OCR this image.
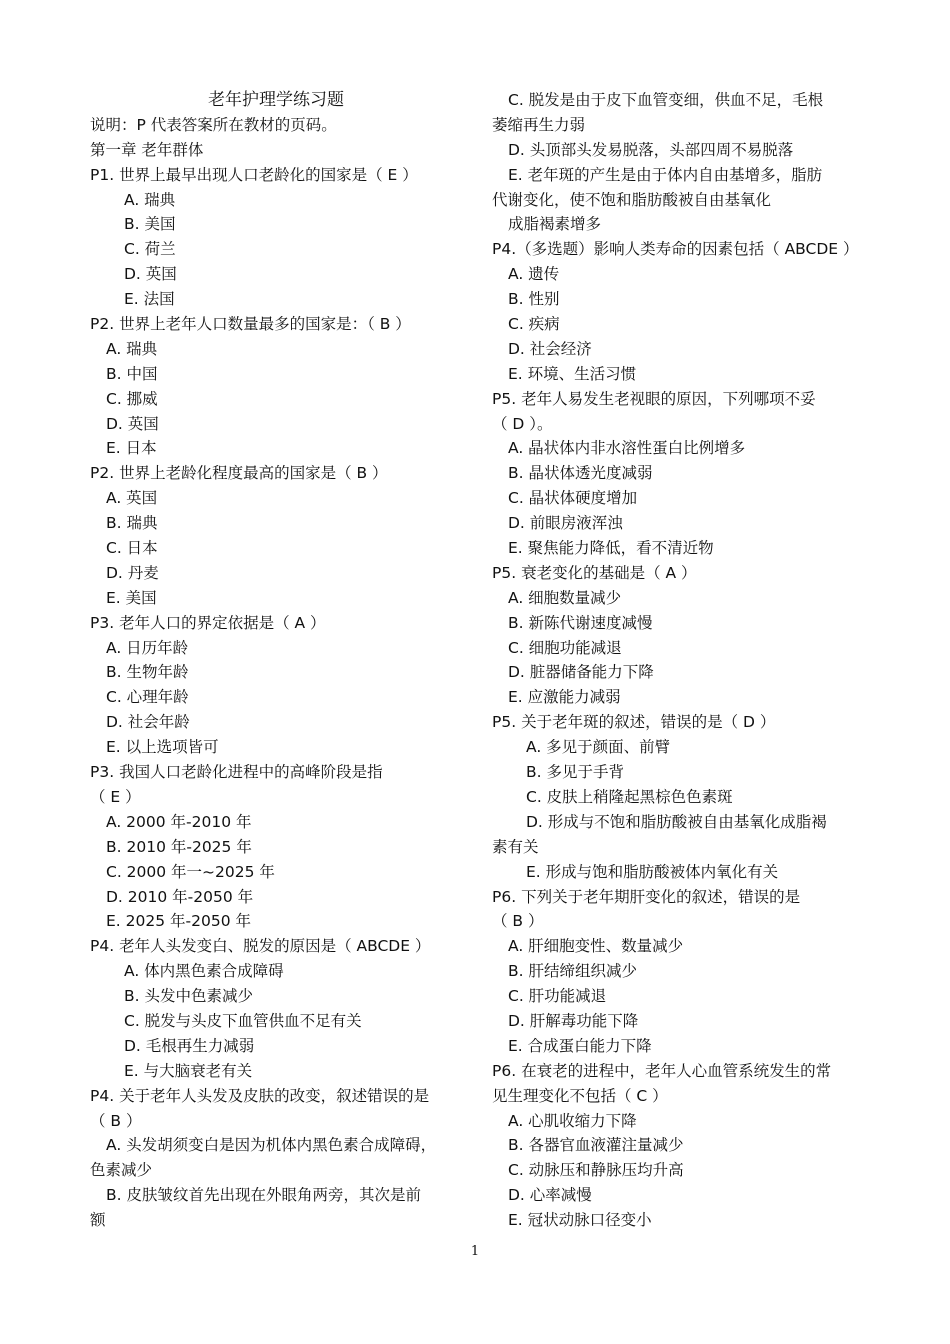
老年护理学练习题
说明：P 代表答案所在教材的页码。
第一章 老年群体
P1. 世界上最早出现人口老龄化的国家是（ E ）
A. 瑞典
B. 美国
C. 荷兰
D. 英国
E. 法国
P2. 世界上老年人口数量最多的国家是：（ B ）
A. 瑞典
B. 中国
C. 挪威
D. 英国
E. 日本
P2. 世界上老龄化程度最高的国家是（ B ）
A. 英国
B. 瑞典
C. 日本
D. 丹麦
E. 美国
P3. 老年人口的界定依据是（ A ）
A. 日历年龄
B. 生物年龄
C. 心理年龄
D. 社会年龄
E. 以上选项皆可
P3. 我国人口老龄化进程中的高峰阶段是指
（ E ）
A. 2000 年-2010 年
B. 2010 年-2025 年
C. 2000 年一~2025 年
D. 2010 年-2050 年
E. 2025 年-2050 年
P4. 老年人头发变白、脱发的原因是（ ABCDE ）
A. 体内黑色素合成障碍
B. 头发中色素减少
C. 脱发与头皮下血管供血不足有关
D. 毛根再生力减弱
E. 与大脑衰老有关
P4. 关于老年人头发及皮肤的改变，叙述错误的是
（ B ）
A. 头发胡须变白是因为机体内黑色素合成障碍，
色素减少
B. 皮肤皱纹首先出现在外眼角两旁，其次是前
额
C. 脱发是由于皮下血管变细，供血不足，毛根
萎缩再生力弱
D. 头顶部头发易脱落，头部四周不易脱落
E. 老年斑的产生是由于体内自由基增多，脂肪
代谢变化，使不饱和脂肪酸被自由基氧化
成脂褐素增多
P4.（多选题）影响人类寿命的因素包括（ ABCDE ）
A. 遗传
B. 性别
C. 疾病
D. 社会经济
E. 环境、生活习惯
P5. 老年人易发生老视眼的原因，下列哪项不妥
（ D ）。
A. 晶状体内非水溶性蛋白比例增多
B. 晶状体透光度减弱
C. 晶状体硬度增加
D. 前眼房液浑浊
E. 聚焦能力降低，看不清近物
P5. 衰老变化的基础是（ A ）
A. 细胞数量减少
B. 新陈代谢速度减慢
C. 细胞功能减退
D. 脏器储备能力下降
E. 应激能力减弱
P5. 关于老年斑的叙述，错误的是（ D ）
A. 多见于颜面、前臂
B. 多见于手背
C. 皮肤上稍隆起黑棕色色素斑
D. 形成与不饱和脂肪酸被自由基氧化成脂褐
素有关
E. 形成与饱和脂肪酸被体内氧化有关
P6. 下列关于老年期肝变化的叙述，错误的是
（ B ）
A. 肝细胞变性、数量减少
B. 肝结缔组织减少
C. 肝功能减退
D. 肝解毒功能下降
E. 合成蛋白能力下降
P6. 在衰老的进程中，老年人心血管系统发生的常
见生理变化不包括（ C ）
A. 心肌收缩力下降
B. 各器官血液灌注量减少
C. 动脉压和静脉压均升高
D. 心率减慢
E. 冠状动脉口径变小
1
